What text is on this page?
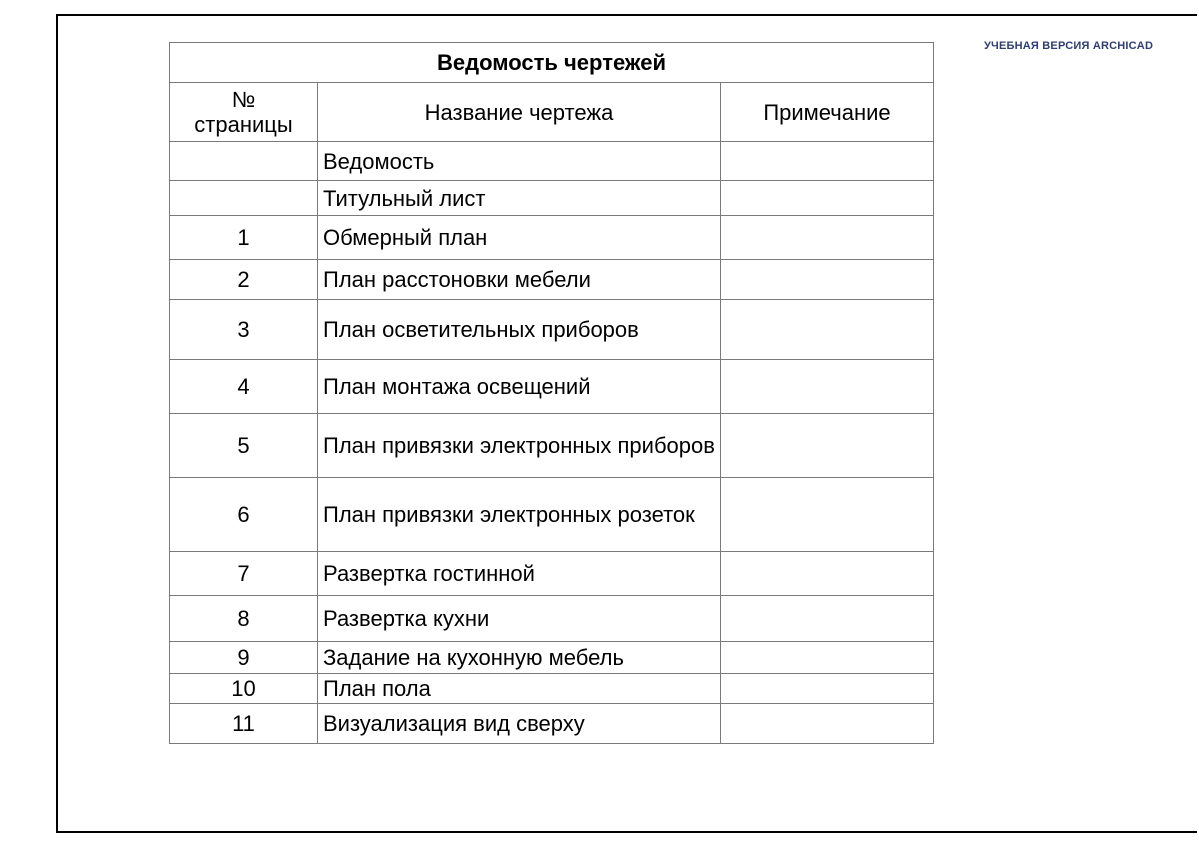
УЧЕБНАЯ ВЕРСИЯ ARCHICAD
Ведомость чертежей		
№
страницы	Название чертежа	Примечание
	Ведомость	
	Титульный лист	
1	Обмерный план	
2	План расстоновки мебели	
3	План осветительных приборов	
4	План монтажа освещений	
5	План привязки электронных приборов	
6	План привязки электронных розеток	
7	Развертка гостинной	
8	Развертка кухни	
9	Задание на кухонную мебель	
10	План пола	
11	Визуализация вид сверху	
